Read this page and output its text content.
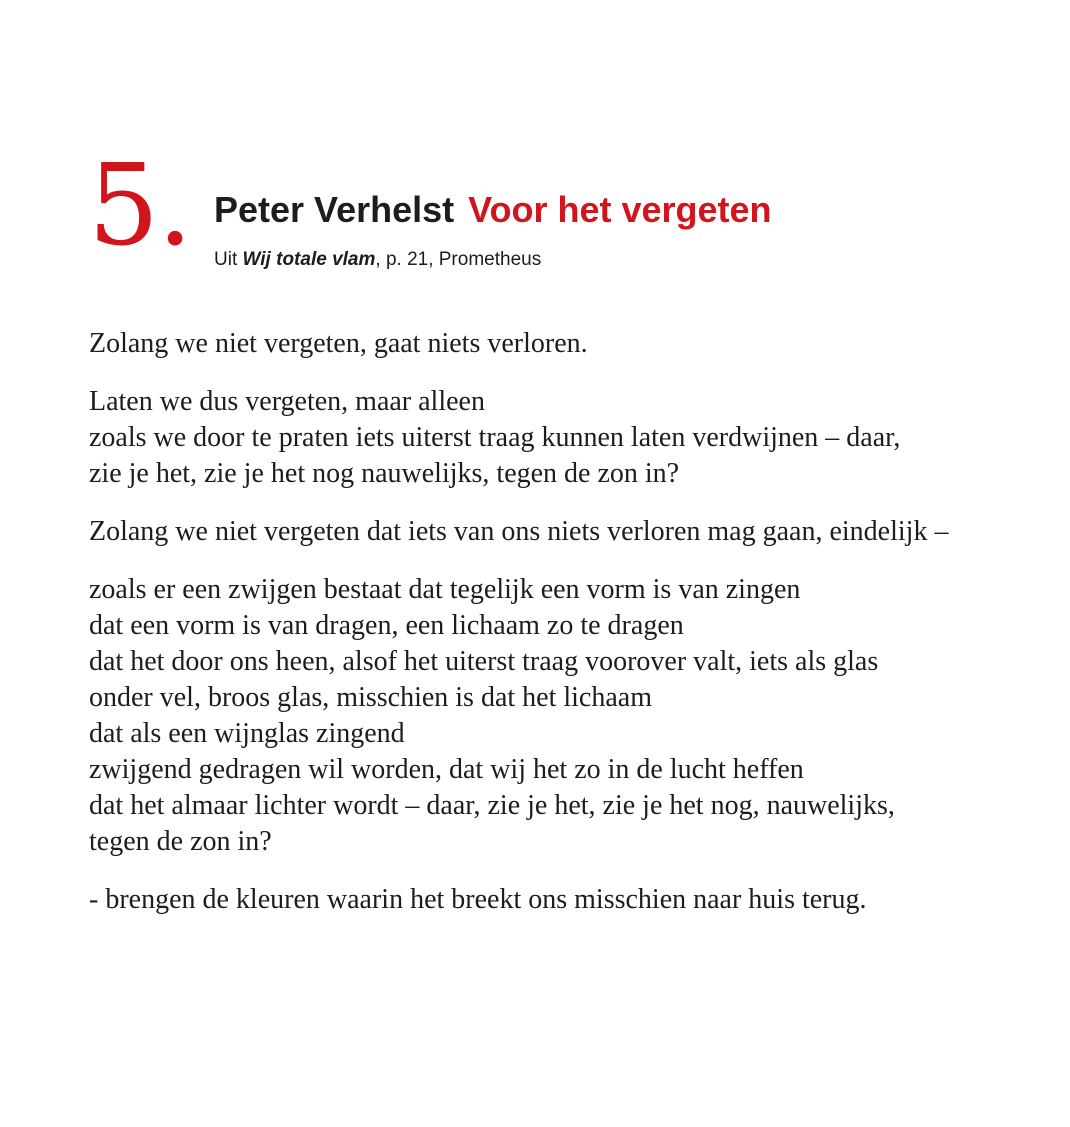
5. Peter Verhelst Voor het vergeten
Uit Wij totale vlam, p. 21, Prometheus
Zolang we niet vergeten, gaat niets verloren.
Laten we dus vergeten, maar alleen
zoals we door te praten iets uiterst traag kunnen laten verdwijnen – daar,
zie je het, zie je het nog nauwelijks, tegen de zon in?
Zolang we niet vergeten dat iets van ons niets verloren mag gaan, eindelijk –
zoals er een zwijgen bestaat dat tegelijk een vorm is van zingen
dat een vorm is van dragen, een lichaam zo te dragen
dat het door ons heen, alsof het uiterst traag voorover valt, iets als glas
onder vel, broos glas, misschien is dat het lichaam
dat als een wijnglas zingend
zwijgend gedragen wil worden, dat wij het zo in de lucht heffen
dat het almaar lichter wordt – daar, zie je het, zie je het nog, nauwelijks,
tegen de zon in?
- brengen de kleuren waarin het breekt ons misschien naar huis terug.
